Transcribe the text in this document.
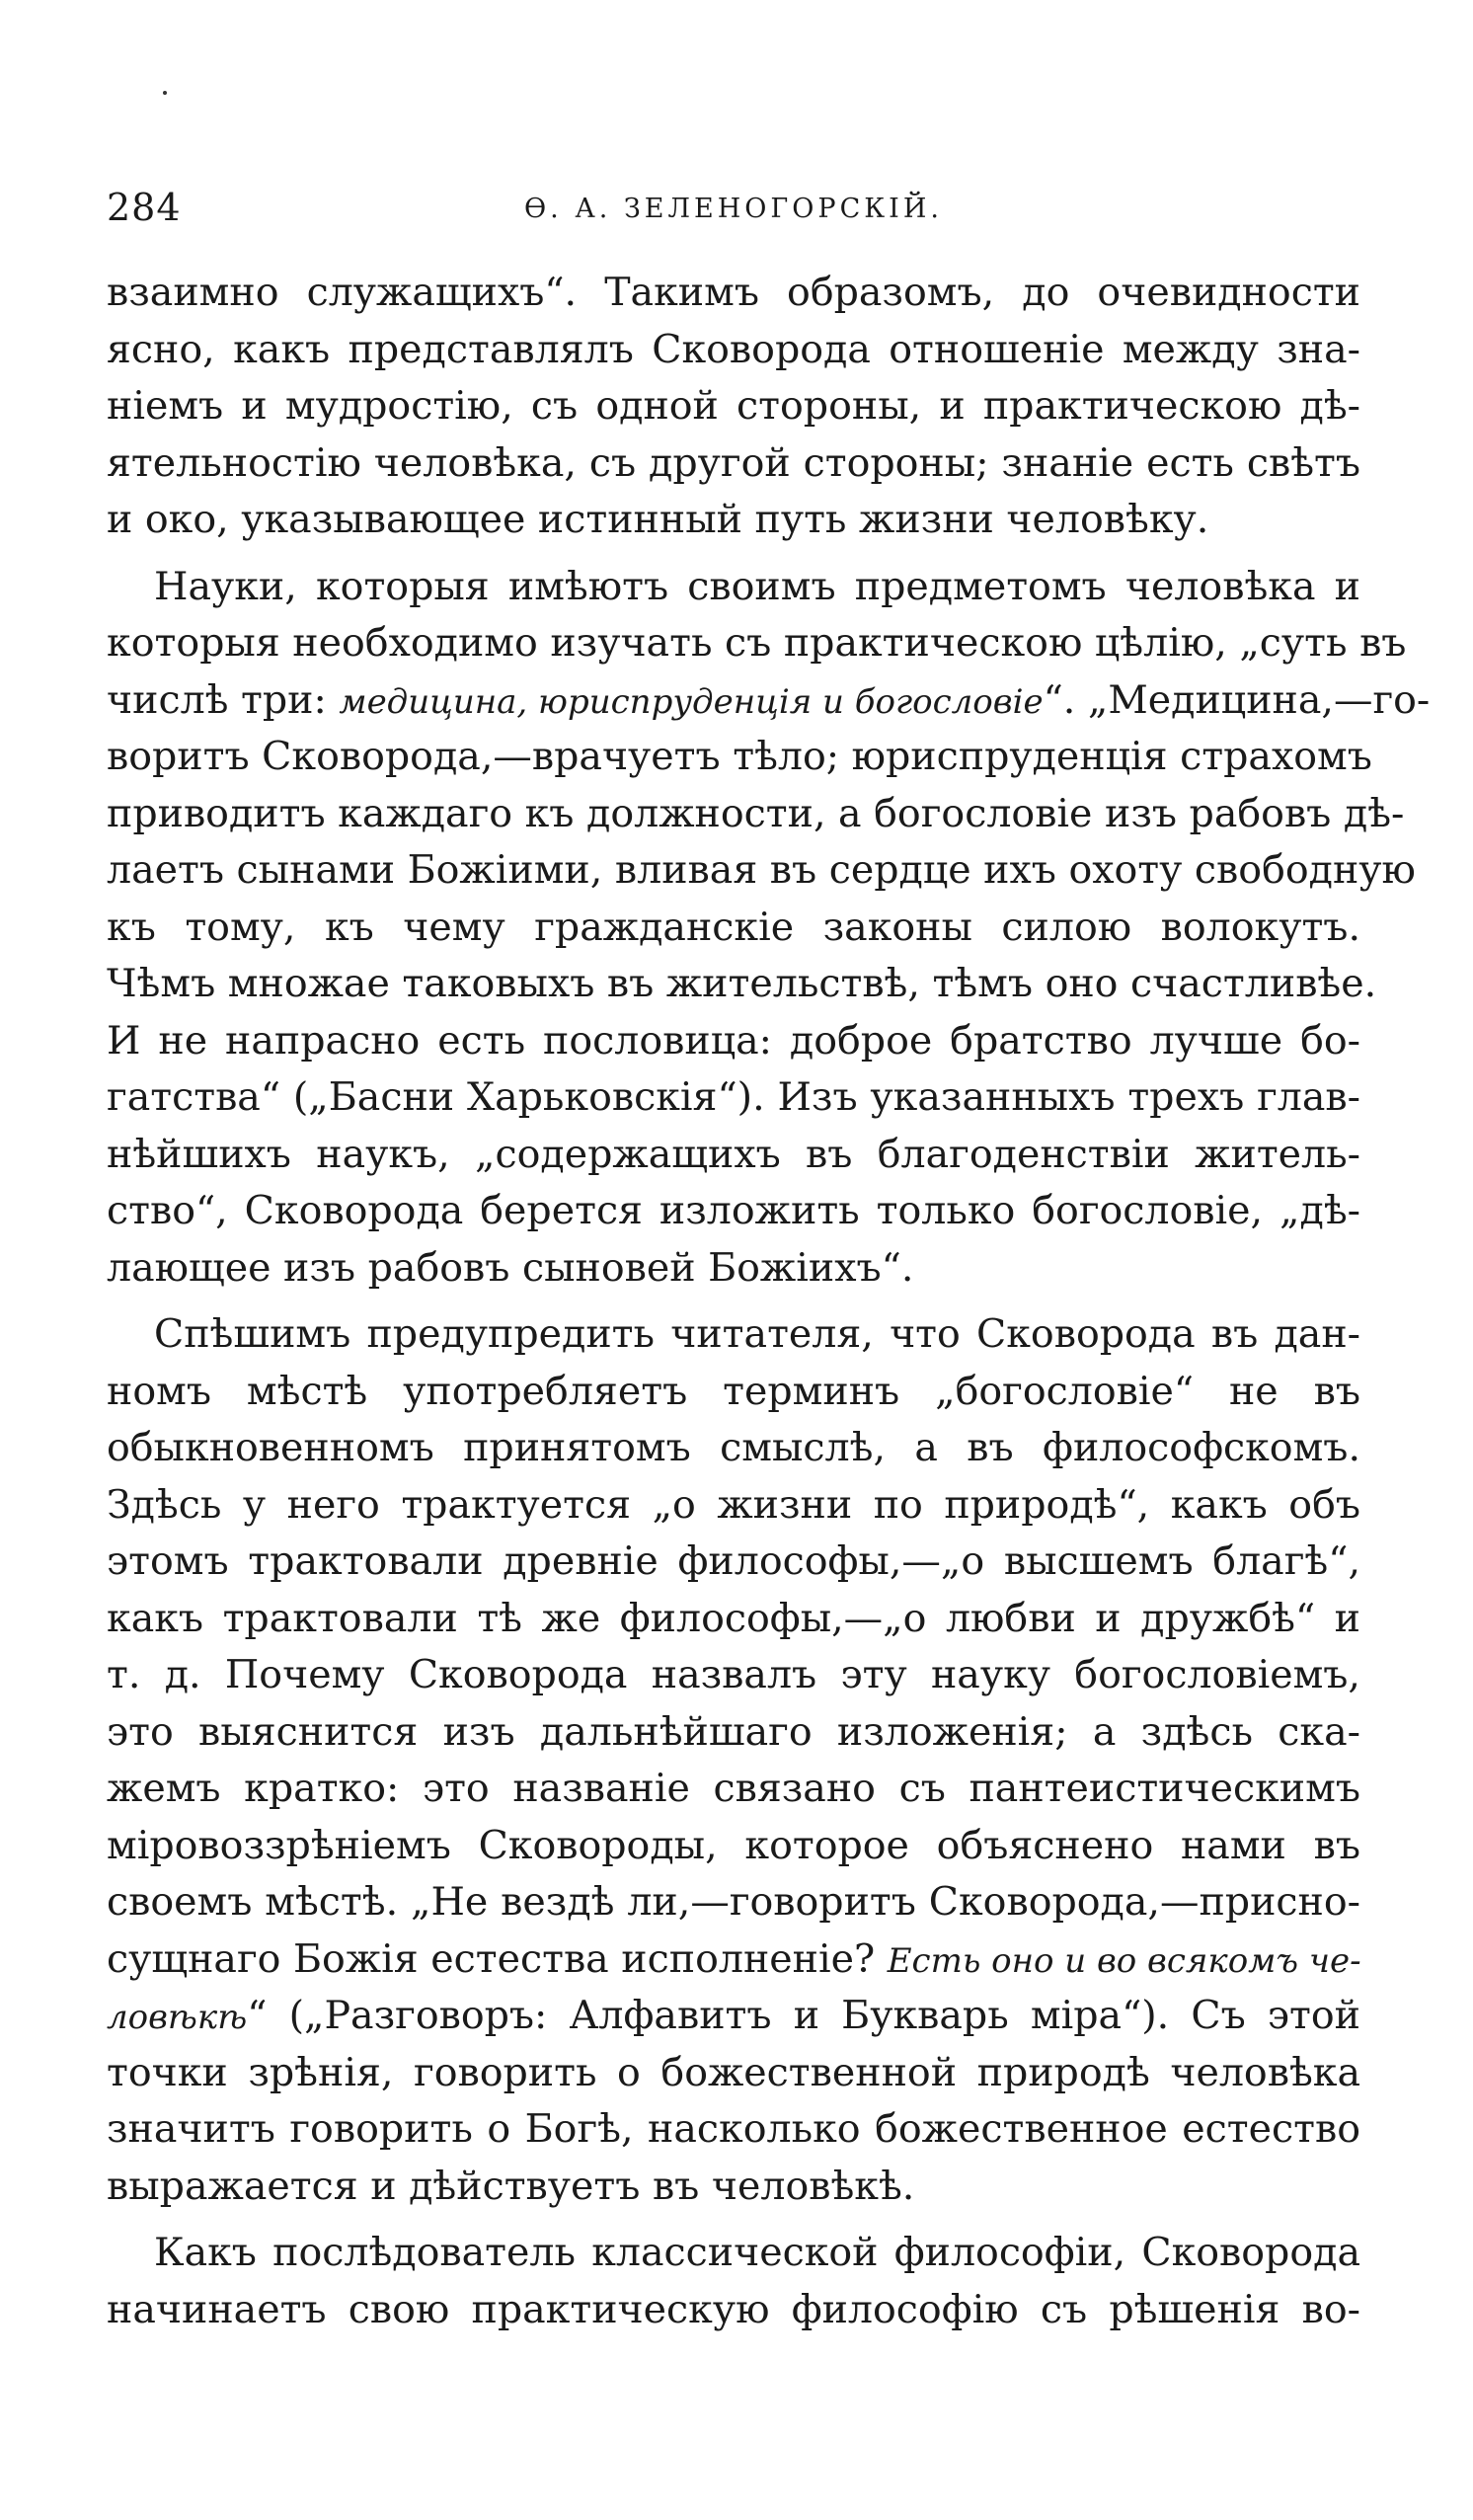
284	Ѳ. А. ЗЕЛЕНОГОРСКІЙ.
взаимно служащихъ“. Такимъ образомъ, до очевидности
ясно, какъ представлялъ Сковорода отношеніе между зна-
ніемъ и мудростію, съ одной стороны, и практическою дѣ-
ятельностію человѣка, съ другой стороны; знаніе есть свѣтъ
и око, указывающее истинный путь жизни человѣку.
Науки, которыя имѣютъ своимъ предметомъ человѣка и
которыя необходимо изучать съ практическою цѣлію, „суть въ
числѣ три: медицина, юриспруденція и богословіе“. „Медицина,—го-
воритъ Сковорода,—врачуетъ тѣло; юриспруденція страхомъ
приводитъ каждаго къ должности, а богословіе изъ рабовъ дѣ-
лаетъ сынами Божіими, вливая въ сердце ихъ охоту свободную
къ тому, къ чему гражданскіе законы силою волокутъ.
Чѣмъ множае таковыхъ въ жительствѣ, тѣмъ оно счастливѣе.
И не напрасно есть пословица: доброе братство лучше бо-
гатства“ („Басни Харьковскія“). Изъ указанныхъ трехъ глав-
нѣйшихъ наукъ, „содержащихъ въ благоденствіи житель-
ство“, Сковорода берется изложить только богословіе, „дѣ-
лающее изъ рабовъ сыновей Божіихъ“.
Спѣшимъ предупредить читателя, что Сковорода въ дан-
номъ мѣстѣ употребляетъ терминъ „богословіе“ не въ
обыкновенномъ принятомъ смыслѣ, а въ философскомъ.
Здѣсь у него трактуется „о жизни по природѣ“, какъ объ
этомъ трактовали древніе философы,—„о высшемъ благѣ“,
какъ трактовали тѣ же философы,—„о любви и дружбѣ“ и
т. д. Почему Сковорода назвалъ эту науку богословіемъ,
это выяснится изъ дальнѣйшаго изложенія; а здѣсь ска-
жемъ кратко: это названіе связано съ пантеистическимъ
міровоззрѣніемъ Сковороды, которое объяснено нами въ
своемъ мѣстѣ. „Не вездѣ ли,—говоритъ Сковорода,—присно-
сущнаго Божія естества исполненіе? Есть оно и во всякомъ че-
ловѣкѣ“ („Разговоръ: Алфавитъ и Букварь міра“). Съ этой
точки зрѣнія, говорить о божественной природѣ человѣка
значитъ говорить о Богѣ, насколько божественное естество
выражается и дѣйствуетъ въ человѣкѣ.
Какъ послѣдователь классической философіи, Сковорода
начинаетъ свою практическую философію съ рѣшенія во-
